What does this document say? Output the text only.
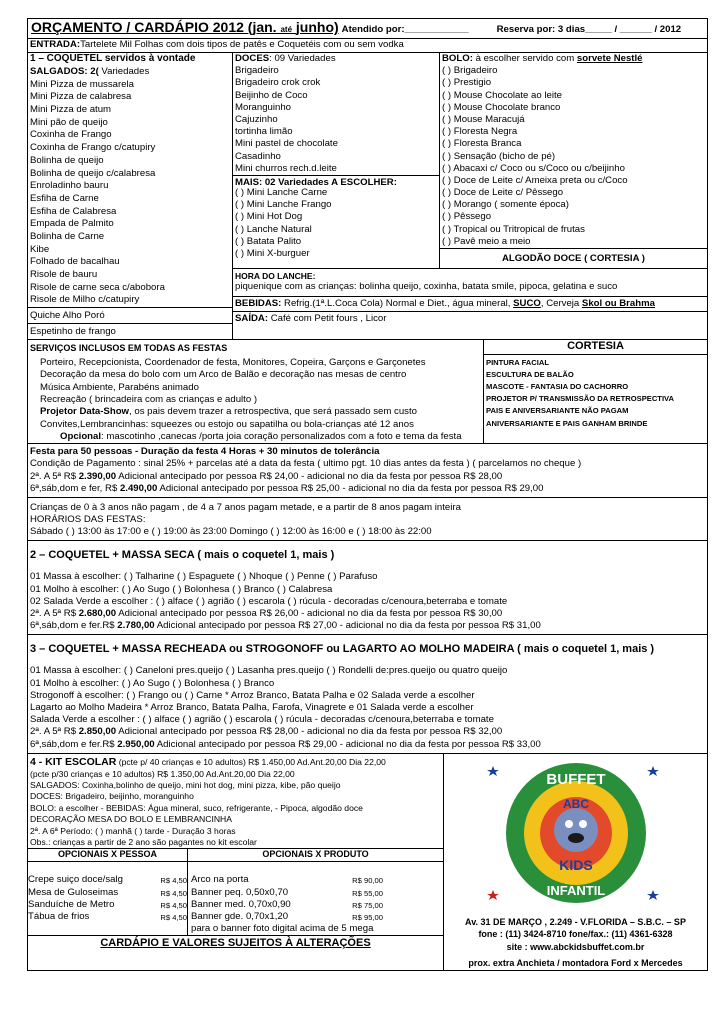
ORÇAMENTO / CARDÁPIO 2012 (jan. até junho) Atendido por:____________	Reserva por: 3 dias_____ / ______ / 2012
ENTRADA: Tartelete Mil Folhas com dois tipos de patês e Coquetéis com ou sem vodka
1 – COQUETEL servidos à vontade
SALGADOS: 2( Variedades
Mini Pizza de mussarela
Mini Pizza de calabresa
Mini Pizza de atum
Mini pão de queijo
Coxinha de Frango
Coxinha de Frango c/catupiry
Bolinha de queijo
Bolinha de queijo c/calabresa
Enroladinho bauru
Esfiha de Carne
Esfiha de Calabresa
Empada de Palmito
Bolinha de Carne
Kibe
Folhado de bacalhau
Risole de bauru
Risole de carne seca c/abobora
Risole de Milho c/catupiry
Quiche Alho Poró
Espetinho de frango
DOCES: 09 Variedades
Brigadeiro
Brigadeiro crok crok
Beijinho de Coco
Moranguinho
Cajuzinho
tortinha limão
Mini pastel de chocolate
Casadinho
Mini churros rech.d.leite
MAIS: 02 Variedades A ESCOLHER:
( ) Mini Lanche Carne
( ) Mini Lanche Frango
( ) Mini Hot Dog
( ) Lanche Natural
( ) Batata Palito
( ) Mini X-burguer
BOLO: à escolher servido com sorvete Nestlé
( ) Brigadeiro
( ) Prestigio
( ) Mouse Chocolate ao leite
( ) Mouse Chocolate branco
( ) Mouse Maracujá
( ) Floresta Negra
( ) Floresta Branca
( ) Sensação (bicho de pé)
( ) Abacaxi c/ Coco ou s/Coco ou c/beijinho
( ) Doce de Leite c/ Ameixa preta ou c/Coco
( ) Doce de Leite c/ Pêssego
( ) Morango ( somente época)
( ) Pêssego
( ) Tropical ou Tritropical de frutas
( ) Pavê meio a meio
ALGODÃO DOCE ( CORTESIA )
HORA DO LANCHE:
piquenique com as crianças: bolinha queijo, coxinha, batata smile, pipoca, gelatina e suco
BEBIDAS: Refrig.(1ª.L.Coca Cola) Normal e Diet., água mineral, SUCO, Cerveja Skol ou Brahma
SAÍDA: Café com Petit fours , Licor
SERVIÇOS INCLUSOS EM TODAS AS FESTAS
Porteiro, Recepcionista, Coordenador de festa, Monitores, Copeira, Garçons e Garçonetes
Decoração da mesa do bolo com um Arco de Balão e decoração nas mesas de centro
Música Ambiente, Parabéns animado
Recreação ( brincadeira com as crianças e adulto )
Projetor Data-Show, os pais devem trazer a retrospectiva, que será passado sem custo
Convites,Lembrancinhas: squeezes ou estojo ou sapatilha ou bola-crianças até 12 anos
Opcional: mascotinho ,canecas /porta joia coração personalizados com a foto e tema da festa
CORTESIA
PINTURA FACIAL
ESCULTURA DE BALÃO
MASCOTE - FANTASIA DO CACHORRO
PROJETOR P/ TRANSMISSÃO DA RETROSPECTIVA
PAIS E ANIVERSARIANTE NÃO PAGAM
ANIVERSARIANTE E PAIS GANHAM BRINDE
Festa para 50 pessoas - Duração da festa 4 Horas + 30 minutos de tolerância
Condição de Pagamento : sinal 25% + parcelas até a data da festa ( ultimo pgt. 10 dias antes da festa ) ( parcelamos no cheque )
2ª. A 5ª R$ 2.390,00 Adicional antecipado por pessoa R$ 24,00 - adicional no dia da festa por pessoa R$ 28,00
6ª,sáb,dom e fer, R$ 2.490,00 Adicional antecipado por pessoa R$ 25,00 - adicional no dia da festa por pessoa R$ 29,00
Crianças de 0 à 3 anos não pagam , de 4 a 7 anos pagam metade, e a partir de 8 anos pagam inteira
HORÁRIOS DAS FESTAS:
Sábado ( ) 13:00 às 17:00 e ( ) 19:00 às 23:00 Domingo ( ) 12:00 às 16:00 e ( ) 18:00 às 22:00
2 – COQUETEL + MASSA SECA ( mais o coquetel 1, mais )
01 Massa à escolher: ( ) Talharine ( ) Espaguete ( ) Nhoque ( ) Penne ( ) Parafuso
01 Molho à escolher: ( ) Ao Sugo ( ) Bolonhesa ( ) Branco ( ) Calabresa
02 Salada Verde a escolher : ( ) alface ( ) agrião ( ) escarola ( ) rúcula - decoradas c/cenoura,beterraba e tomate
2ª. A 5ª R$ 2.680,00 Adicional antecipado por pessoa R$ 26,00 - adicional no dia da festa por pessoa R$ 30,00
6ª,sáb,dom e fer.R$ 2.780,00 Adicional antecipado por pessoa R$ 27,00 - adicional no dia da festa por pessoa R$ 31,00
3 – COQUETEL + MASSA RECHEADA ou STROGONOFF ou LAGARTO AO MOLHO MADEIRA ( mais o coquetel 1, mais )
01 Massa à escolher: ( ) Caneloni pres.queijo ( ) Lasanha pres.queijo ( ) Rondelli de:pres.queijo ou quatro queijo
01 Molho à escolher: ( ) Ao Sugo ( ) Bolonhesa ( ) Branco
Strogonoff à escolher: ( ) Frango ou ( ) Carne * Arroz Branco, Batata Palha e 02 Salada verde a escolher
Lagarto ao Molho Madeira * Arroz Branco, Batata Palha, Farofa, Vinagrete e 01 Salada verde a escolher
Salada Verde a escolher : ( ) alface ( ) agrião ( ) escarola ( ) rúcula - decoradas c/cenoura,beterraba e tomate
2ª. A 5ª R$ 2.850,00 Adicional antecipado por pessoa R$ 28,00 - adicional no dia da festa por pessoa R$ 32,00
6ª,sáb,dom e fer.R$ 2.950,00 Adicional antecipado por pessoa R$ 29,00 - adicional no dia da festa por pessoa R$ 33,00
4 - KIT ESCOLAR (pcte p/ 40 crianças e 10 adultos) R$ 1.450,00 Ad.Ant.20,00 Dia 22,00
(pcte p/30 crianças e 10 adultos) R$ 1.350,00 Ad.Ant.20,00 Dia 22,00
SALGADOS: Coxinha,bolinho de queijo, mini hot dog, mini pizza, kibe, pão queijo
DOCES: Brigadeiro, beijinho, moranguinho
BOLO: a escolher - BEBIDAS: Água mineral, suco, refrigerante, - Pipoca, algodão doce
DECORAÇÃO MESA DO BOLO E LEMBRANCINHA
2ª. A 6ª Período: ( ) manhã ( ) tarde - Duração 3 horas
Obs.: crianças a partir de 2 ano são pagantes no kit escolar
OPCIONAIS X PESSOA
Crepe suiço doce/salg	R$ 4,50
Mesa de Guloseimas	R$ 4,50
Sanduíche de Metro	R$ 4,50
Tábua de frios	R$ 4,50
OPCIONAIS X PRODUTO
Arco na porta	R$ 90,00
Banner peq. 0,50x0,70	R$ 55,00
Banner med. 0,70x0,90	R$ 75,00
Banner gde. 0,70x1,20	R$ 95,00
para o banner foto digital acima de 5 mega
CARDÁPIO E VALORES SUJEITOS À ALTERAÇÕES
BUFFET
ABC
KIDS
INFANTIL
Av. 31 DE MARÇO , 2.249 - V.FLORIDA – S.B.C. – SP
fone : (11) 3424-8710 fone/fax.: (11) 4361-6328
site : www.abckidsbuffet.com.br
prox. extra Anchieta / montadora Ford x Mercedes
